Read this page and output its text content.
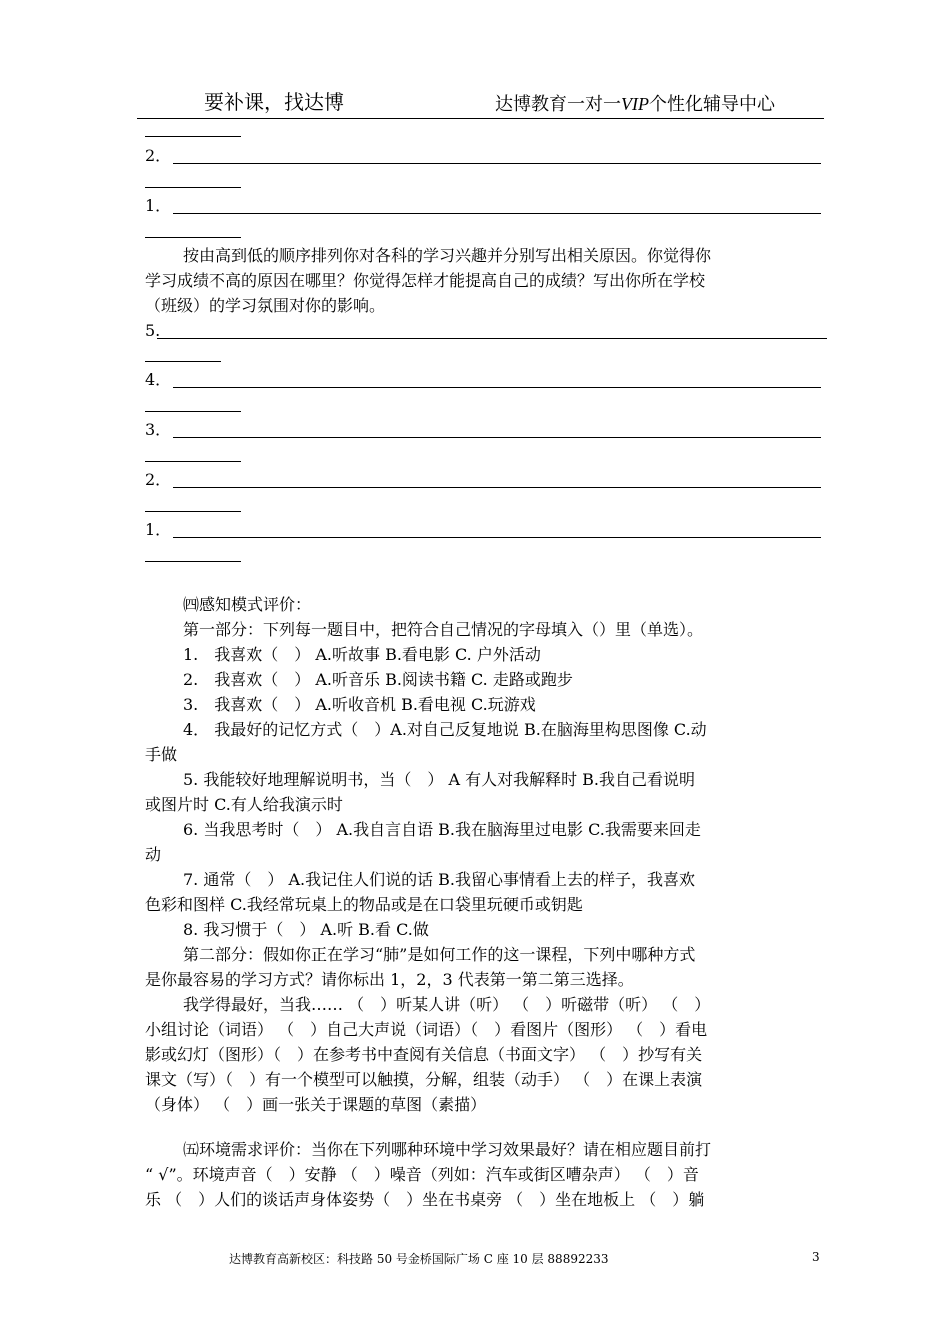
要补课，找达博	达博教育一对一VIP个性化辅导中心
2．
1．
按由高到低的顺序排列你对各科的学习兴趣并分别写出相关原因。你觉得你
学习成绩不高的原因在哪里？你觉得怎样才能提高自己的成绩？写出你所在学校
（班级）的学习氛围对你的影响。
5.
4．
3．
2．
1．
㈣感知模式评价：
第一部分：下列每一题目中，把符合自己情况的字母填入（）里（单选）。
1.　我喜欢（　） A.听故事 B.看电影 C. 户外活动
2.　我喜欢（　） A.听音乐 B.阅读书籍 C. 走路或跑步
3.　我喜欢（　） A.听收音机 B.看电视 C.玩游戏
4． 我最好的记忆方式（　）A.对自己反复地说 B.在脑海里构思图像 C.动
手做
5. 我能较好地理解说明书，当（　） A 有人对我解释时 B.我自己看说明
或图片时 C.有人给我演示时
6. 当我思考时（　） A.我自言自语 B.我在脑海里过电影 C.我需要来回走
动
7. 通常（　） A.我记住人们说的话 B.我留心事情看上去的样子，我喜欢
色彩和图样 C.我经常玩桌上的物品或是在口袋里玩硬币或钥匙
8. 我习惯于（　） A.听 B.看 C.做
第二部分：假如你正在学习“肺”是如何工作的这一课程，下列中哪种方式
是你最容易的学习方式？请你标出 1，2，3 代表第一第二第三选择。
我学得最好，当我…… （　）听某人讲（听） （　）听磁带（听） （　）
小组讨论（词语） （　）自己大声说（词语）（　）看图片（图形） （　）看电
影或幻灯（图形）（　）在参考书中查阅有关信息（书面文字） （　）抄写有关
课文（写）（　）有一个模型可以触摸，分解，组装（动手） （　）在课上表演
（身体） （　）画一张关于课题的草图（素描）
㈤环境需求评价：当你在下列哪种环境中学习效果最好？请在相应题目前打
“ √”。环境声音（　）安静 （　）噪音（列如：汽车或街区嘈杂声） （　）音
乐 （　）人们的谈话声身体姿势（　）坐在书桌旁 （　）坐在地板上 （　）躺
达博教育高新校区：科技路 50 号金桥国际广场 C 座 10 层 88892233	3
